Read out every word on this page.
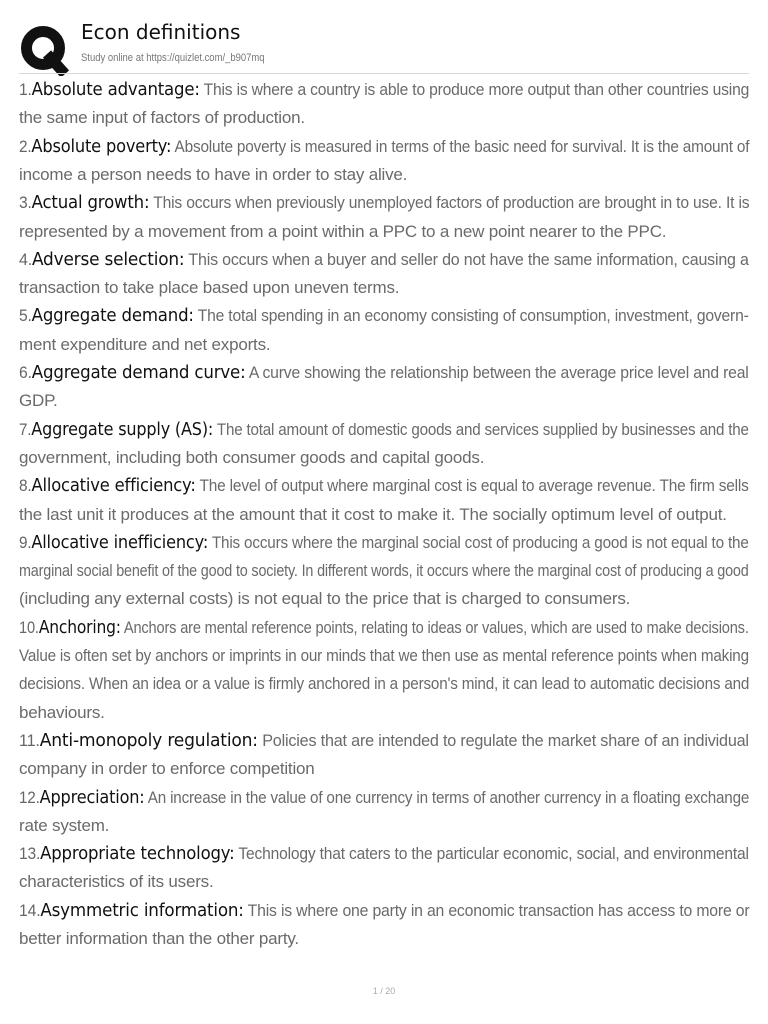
Econ definitions
Study online at https://quizlet.com/_b907mq
1.Absolute advantage: This is where a country is able to produce more output than other countries using
the same input of factors of production.
2.Absolute poverty: Absolute poverty is measured in terms of the basic need for survival. It is the amount of
income a person needs to have in order to stay alive.
3.Actual growth: This occurs when previously unemployed factors of production are brought in to use. It is
represented by a movement from a point within a PPC to a new point nearer to the PPC.
4.Adverse selection: This occurs when a buyer and seller do not have the same information, causing a
transaction to take place based upon uneven terms.
5.Aggregate demand: The total spending in an economy consisting of consumption, investment, govern-
ment expenditure and net exports.
6.Aggregate demand curve: A curve showing the relationship between the average price level and real
GDP.
7.Aggregate supply (AS): The total amount of domestic goods and services supplied by businesses and the
government, including both consumer goods and capital goods.
8.Allocative efficiency: The level of output where marginal cost is equal to average revenue. The firm sells
the last unit it produces at the amount that it cost to make it. The socially optimum level of output.
9.Allocative inefficiency: This occurs where the marginal social cost of producing a good is not equal to the
marginal social benefit of the good to society. In different words, it occurs where the marginal cost of producing a good
(including any external costs) is not equal to the price that is charged to consumers.
10.Anchoring: Anchors are mental reference points, relating to ideas or values, which are used to make decisions.
Value is often set by anchors or imprints in our minds that we then use as mental reference points when making
decisions. When an idea or a value is firmly anchored in a person's mind, it can lead to automatic decisions and
behaviours.
11.Anti-monopoly regulation: Policies that are intended to regulate the market share of an individual
company in order to enforce competition
12.Appreciation: An increase in the value of one currency in terms of another currency in a floating exchange
rate system.
13.Appropriate technology: Technology that caters to the particular economic, social, and environmental
characteristics of its users.
14.Asymmetric information: This is where one party in an economic transaction has access to more or
better information than the other party.
1 / 20
